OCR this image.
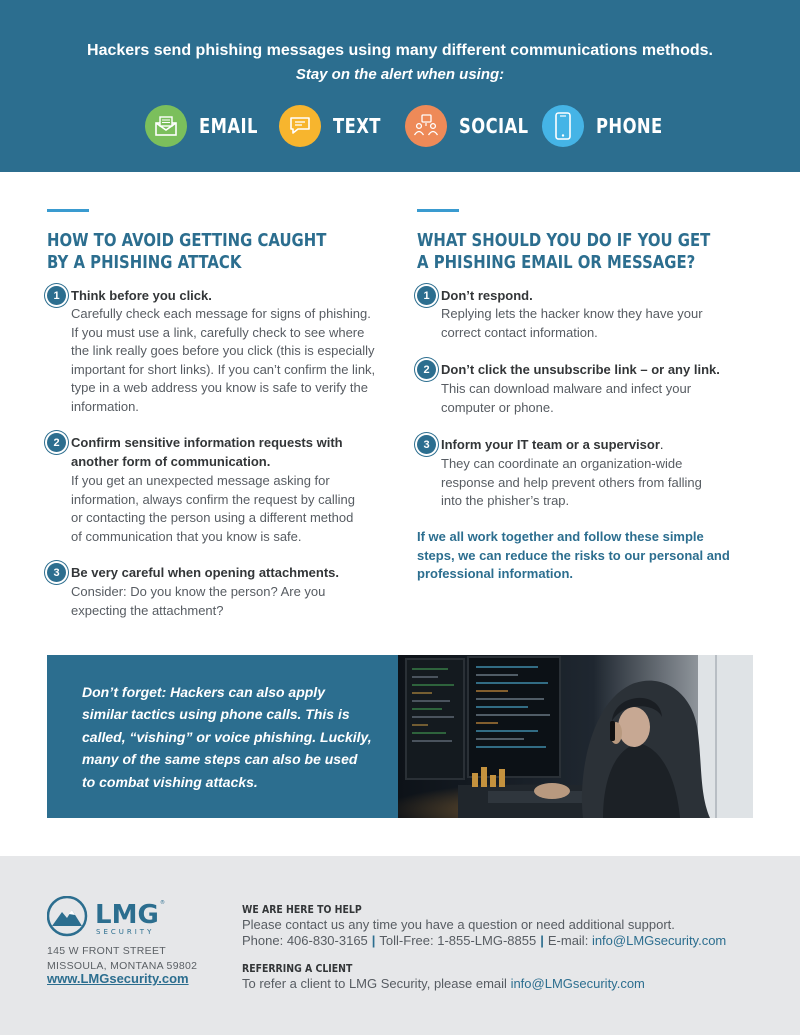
Hackers send phishing messages using many different communications methods.
Stay on the alert when using:
EMAIL	TEXT	SOCIAL	PHONE
HOW TO AVOID GETTING CAUGHT
BY A PHISHING ATTACK
1 Think before you click.
Carefully check each message for signs of phishing.
If you must use a link, carefully check to see where
the link really goes before you click (this is especially
important for short links). If you can’t confirm the link,
type in a web address you know is safe to verify the
information.
2 Confirm sensitive information requests with
another form of communication.
If you get an unexpected message asking for
information, always confirm the request by calling
or contacting the person using a different method
of communication that you know is safe.
3 Be very careful when opening attachments.
Consider: Do you know the person? Are you
expecting the attachment?
WHAT SHOULD YOU DO IF YOU GET
A PHISHING EMAIL OR MESSAGE?
1 Don’t respond.
Replying lets the hacker know they have your
correct contact information.
2 Don’t click the unsubscribe link – or any link.
This can download malware and infect your
computer or phone.
3 Inform your IT team or a supervisor.
They can coordinate an organization-wide
response and help prevent others from falling
into the phisher’s trap.
If we all work together and follow these simple
steps, we can reduce the risks to our personal and
professional information.
Don’t forget: Hackers can also apply
similar tactics using phone calls. This is
called, “vishing” or voice phishing. Luckily,
many of the same steps can also be used
to combat vishing attacks.
LMG ®
SECURITY
145 W FRONT STREET
MISSOULA, MONTANA 59802
www.LMGsecurity.com
WE ARE HERE TO HELP
Please contact us any time you have a question or need additional support.
Phone: 406-830-3165 | Toll-Free: 1-855-LMG-8855 | E-mail: info@LMGsecurity.com
REFERRING A CLIENT
To refer a client to LMG Security, please email info@LMGsecurity.com
